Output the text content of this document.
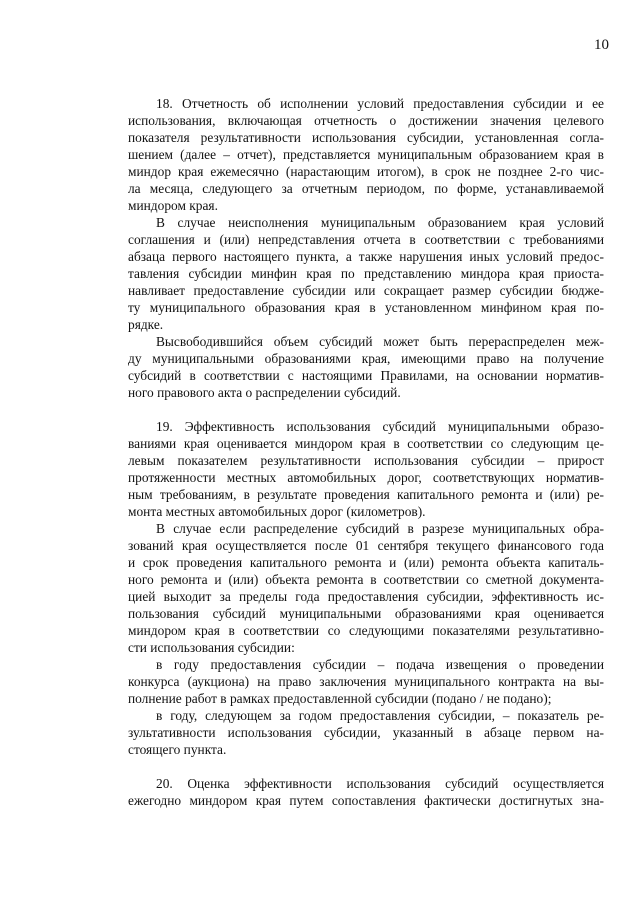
10
18. Отчетность об исполнении условий предоставления субсидии и ее
использования, включающая отчетность о достижении значения целевого
показателя результативности использования субсидии, установленная согла-
шением (далее – отчет), представляется муниципальным образованием края в
миндор края ежемесячно (нарастающим итогом), в срок не позднее 2-го чис-
ла месяца, следующего за отчетным периодом, по форме, устанавливаемой
миндором края.
В случае неисполнения муниципальным образованием края условий
соглашения и (или) непредставления отчета в соответствии с требованиями
абзаца первого настоящего пункта, а также нарушения иных условий предос-
тавления субсидии минфин края по представлению миндора края приоста-
навливает предоставление субсидии или сокращает размер субсидии бюдже-
ту муниципального образования края в установленном минфином края по-
рядке.
Высвободившийся объем субсидий может быть перераспределен меж-
ду муниципальными образованиями края, имеющими право на получение
субсидий в соответствии с настоящими Правилами, на основании норматив-
ного правового акта о распределении субсидий.
19. Эффективность использования субсидий муниципальными образо-
ваниями края оценивается миндором края в соответствии со следующим це-
левым показателем результативности использования субсидии – прирост
протяженности местных автомобильных дорог, соответствующих норматив-
ным требованиям, в результате проведения капитального ремонта и (или) ре-
монта местных автомобильных дорог (километров).
В случае если распределение субсидий в разрезе муниципальных обра-
зований края осуществляется после 01 сентября текущего финансового года
и срок проведения капитального ремонта и (или) ремонта объекта капиталь-
ного ремонта и (или) объекта ремонта в соответствии со сметной документа-
цией выходит за пределы года предоставления субсидии, эффективность ис-
пользования субсидий муниципальными образованиями края оценивается
миндором края в соответствии со следующими показателями результативно-
сти использования субсидии:
в году предоставления субсидии – подача извещения о проведении
конкурса (аукциона) на право заключения муниципального контракта на вы-
полнение работ в рамках предоставленной субсидии (подано / не подано);
в году, следующем за годом предоставления субсидии, – показатель ре-
зультативности использования субсидии, указанный в абзаце первом на-
стоящего пункта.
20. Оценка эффективности использования субсидий осуществляется
ежегодно миндором края путем сопоставления фактически достигнутых зна-
